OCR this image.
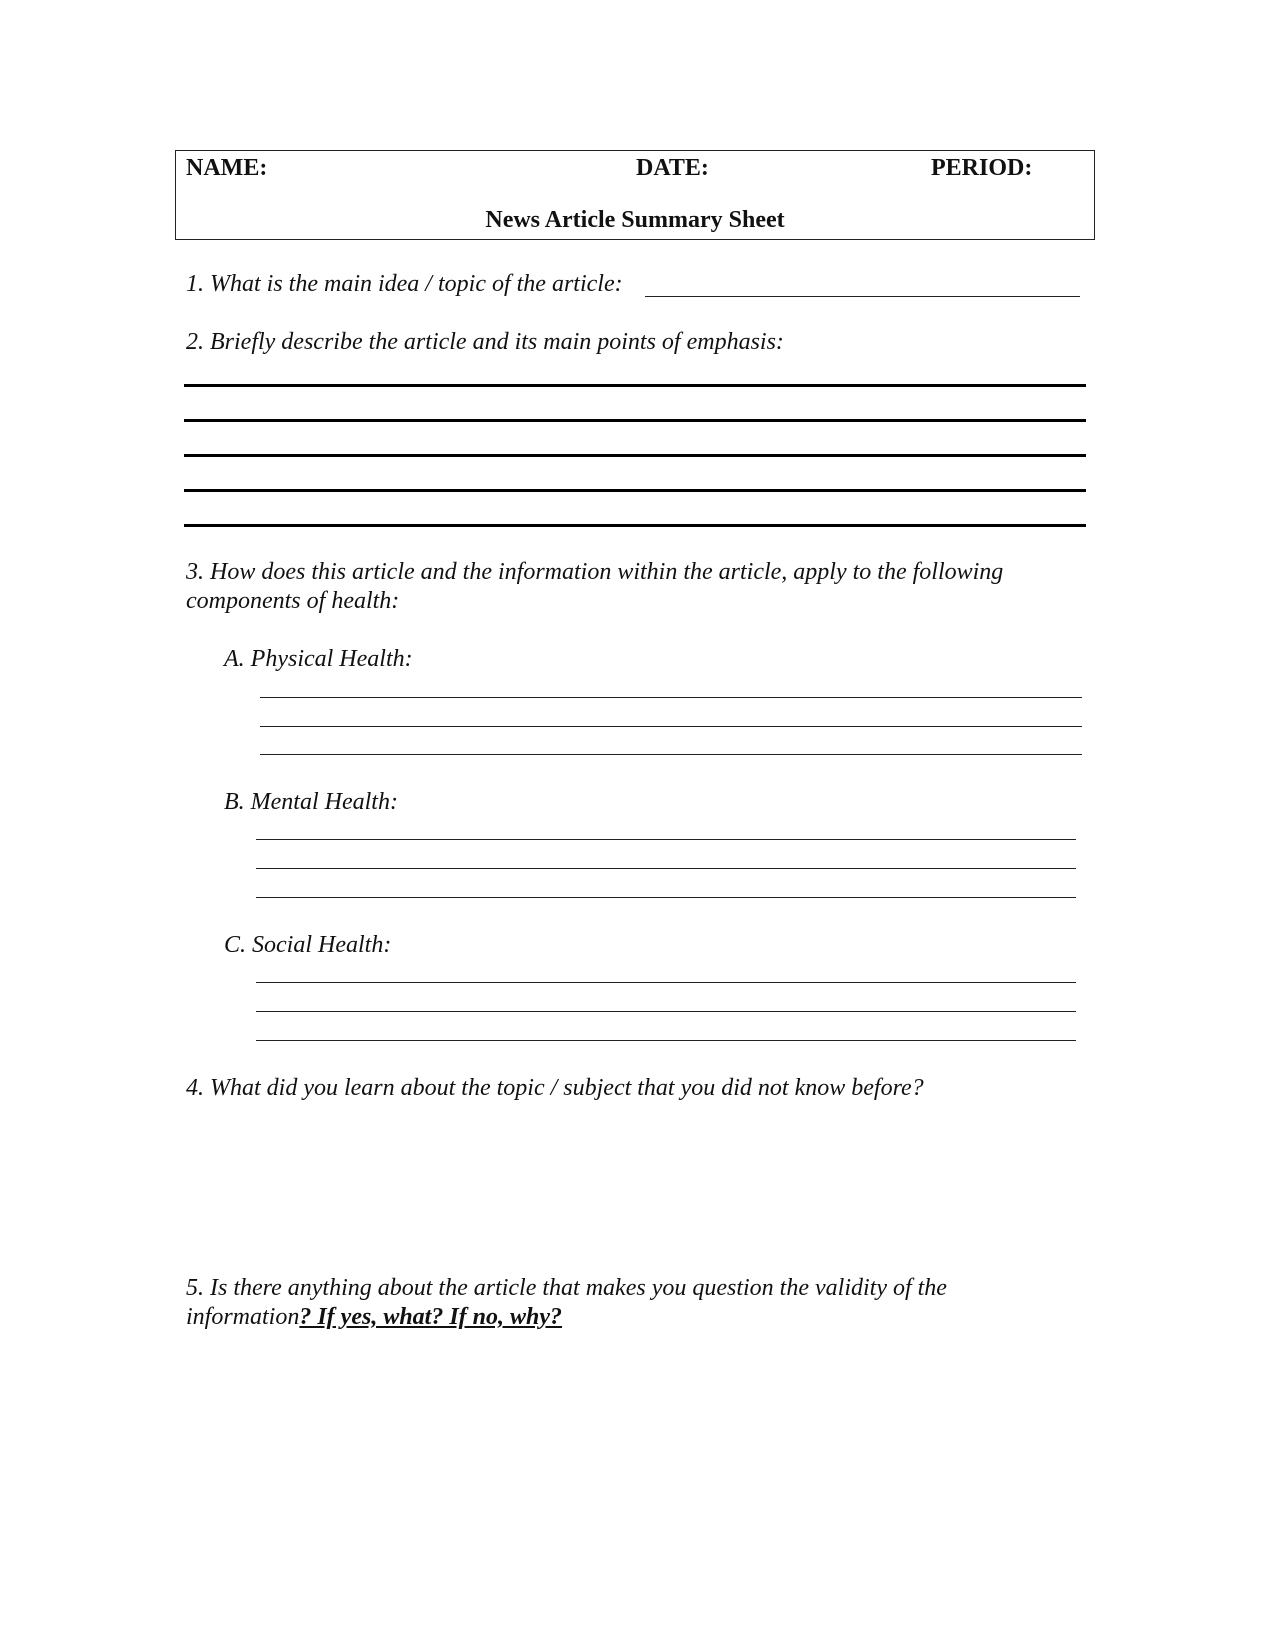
NAME:	DATE:	PERIOD:
News Article Summary Sheet
1. What is the main idea / topic of the article:
2. Briefly describe the article and its main points of emphasis:
3. How does this article and the information within the article, apply to the following
components of health:
A. Physical Health:
B. Mental Health:
C. Social Health:
4. What did you learn about the topic / subject that you did not know before?
5. Is there anything about the article that makes you question the validity of the
information? If yes, what? If no, why?
